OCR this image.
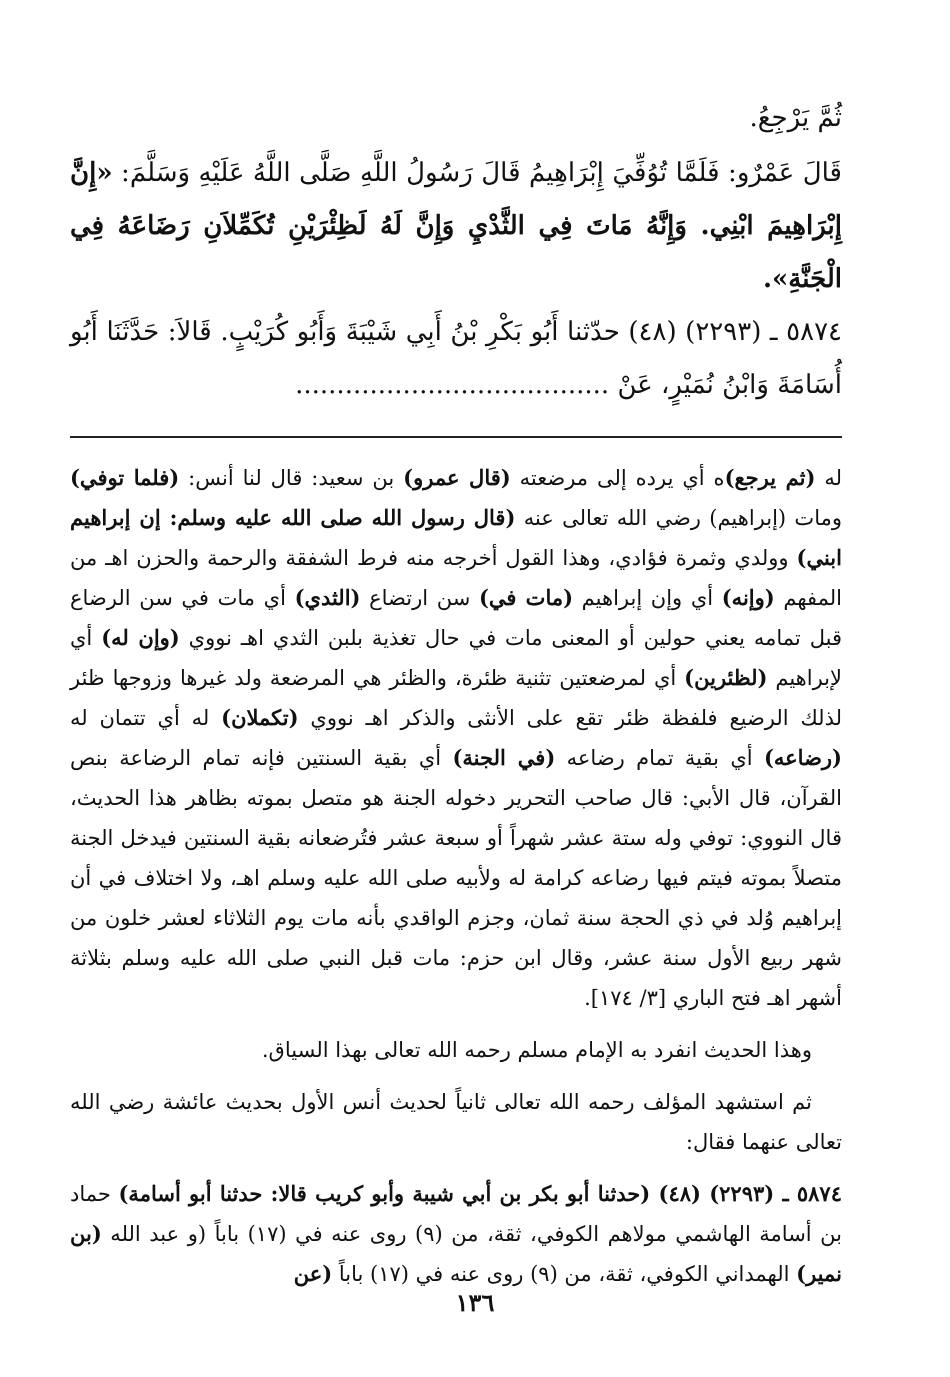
ثُمَّ يَرْجِعُ.

قَالَ عَمْرٌو: فَلَمَّا تُوُفِّيَ إِبْرَاهِيمُ قَالَ رَسُولُ اللَّهِ صَلَّى اللَّهُ عَلَيْهِ وَسَلَّمَ: «إِنَّ إِبْرَاهِيمَ ابْنِي. وَإِنَّهُ مَاتَ فِي الثَّدْيِ وَإِنَّ لَهُ لَظِئْرَيْنِ تُكَمِّلاَنِ رَضَاعَهُ فِي الْجَنَّةِ».

٥٨٧٤ ـ (٢٢٩٣) (٤٨) حدّثنا أَبُو بَكْرِ بْنُ أَبِي شَيْبَةَ وَأَبُو كُرَيْبٍ. قَالاَ: حَدَّثَنَا أَبُو أُسَامَةَ وَابْنُ نُمَيْرٍ، عَنْ ......................................

له (ثم يرجع)ه أي يرده إلى مرضعته (قال عمرو) بن سعيد: قال لنا أنس: (فلما توفي) ومات (إبراهيم) رضي الله تعالى عنه (قال رسول الله صلى الله عليه وسلم: إن إبراهيم ابني) وولدي وثمرة فؤادي، وهذا القول أخرجه منه فرط الشفقة والرحمة والحزن اهـ من المفهم (وإنه) أي وإن إبراهيم (مات في) سن ارتضاع (الثدي) أي مات في سن الرضاع قبل تمامه يعني حولين أو المعنى مات في حال تغذية بلبن الثدي اهـ نووي (وإن له) أي لإبراهيم (لظئرين) أي لمرضعتين تثنية ظئرة، والظئر هي المرضعة ولد غيرها وزوجها ظئر لذلك الرضيع فلفظة ظئر تقع على الأنثى والذكر اهـ نووي (تكملان) له أي تتمان له (رضاعه) أي بقية تمام رضاعه (في الجنة) أي بقية السنتين فإنه تمام الرضاعة بنص القرآن، قال الأبي: قال صاحب التحرير دخوله الجنة هو متصل بموته بظاهر هذا الحديث، قال النووي: توفي وله ستة عشر شهراً أو سبعة عشر فتُرضعانه بقية السنتين فيدخل الجنة متصلاً بموته فيتم فيها رضاعه كرامة له ولأبيه صلى الله عليه وسلم اهـ، ولا اختلاف في أن إبراهيم وُلد في ذي الحجة سنة ثمان، وجزم الواقدي بأنه مات يوم الثلاثاء لعشر خلون من شهر ربيع الأول سنة عشر، وقال ابن حزم: مات قبل النبي صلى الله عليه وسلم بثلاثة أشهر اهـ فتح الباري [٣/ ١٧٤].

وهذا الحديث انفرد به الإمام مسلم رحمه الله تعالى بهذا السياق.

ثم استشهد المؤلف رحمه الله تعالى ثانياً لحديث أنس الأول بحديث عائشة رضي الله تعالى عنهما فقال:

٥٨٧٤ ـ (٢٢٩٣) (٤٨) (حدثنا أبو بكر بن أبي شيبة وأبو كريب قالا: حدثنا أبو أسامة) حماد بن أسامة الهاشمي مولاهم الكوفي، ثقة، من (٩) روى عنه في (١٧) باباً (و عبد الله (بن نمير) الهمداني الكوفي، ثقة، من (٩) روى عنه في (١٧) باباً (عن

١٣٦
